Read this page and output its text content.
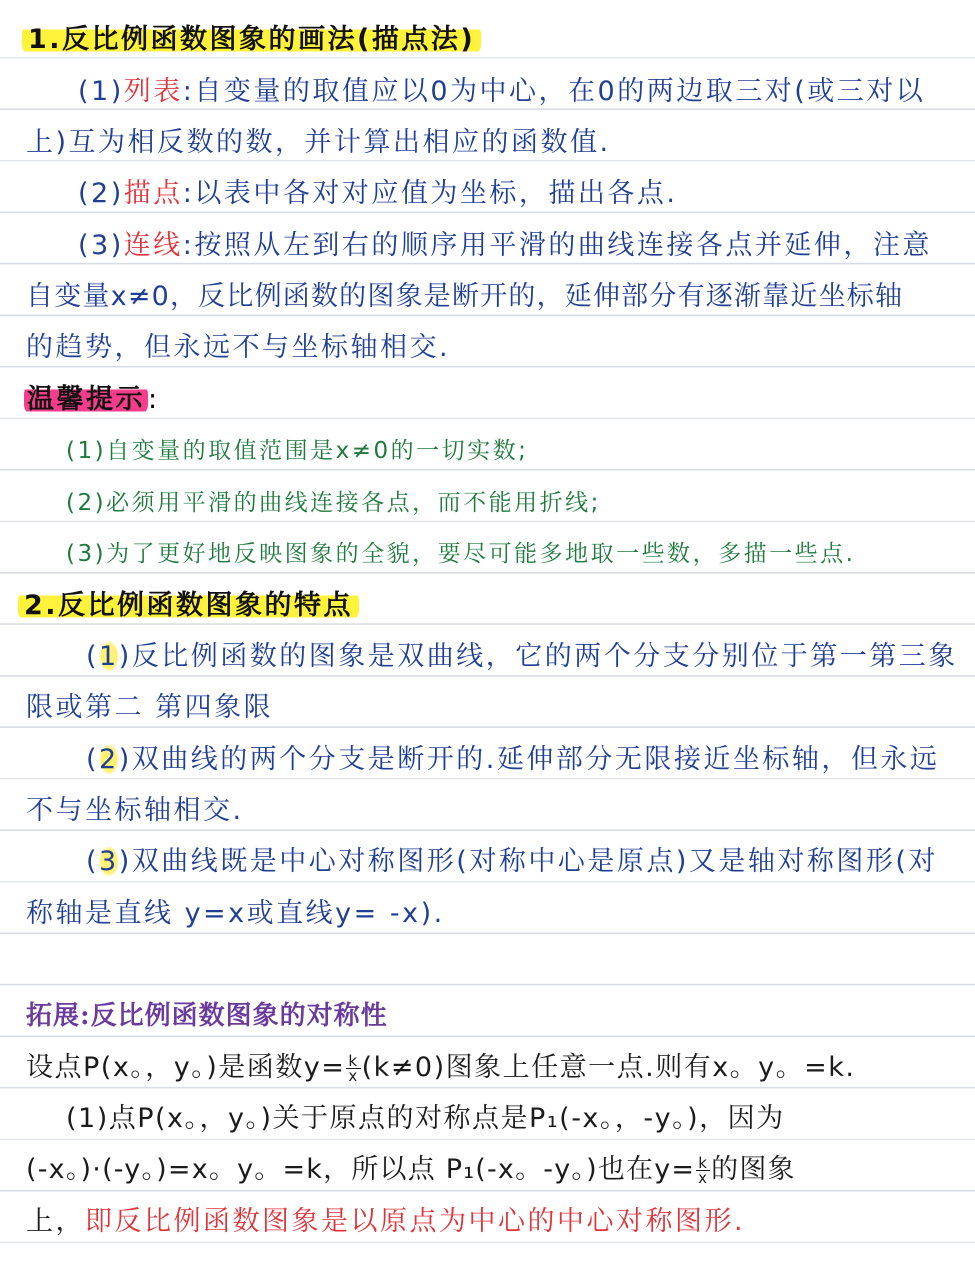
1.反比例函数图象的画法(描点法)
(1)列表:自变量的取值应以0为中心，在0的两边取三对(或三对以
上)互为相反数的数，并计算出相应的函数值.
(2)描点:以表中各对对应值为坐标，描出各点.
(3)连线:按照从左到右的顺序用平滑的曲线连接各点并延伸，注意
自变量x≠0，反比例函数的图象是断开的，延伸部分有逐渐靠近坐标轴
的趋势，但永远不与坐标轴相交.
温馨提示 :
(1)自变量的取值范围是x≠0的一切实数;
(2)必须用平滑的曲线连接各点，而不能用折线;
(3)为了更好地反映图象的全貌，要尽可能多地取一些数，多描一些点.
2.反比例函数图象的特点
(1)反比例函数的图象是双曲线，它的两个分支分别位于第一第三象
限或第二 第四象限
(2)双曲线的两个分支是断开的.延伸部分无限接近坐标轴，但永远
不与坐标轴相交.
(3)双曲线既是中心对称图形(对称中心是原点)又是轴对称图形(对
称轴是直线 y=x或直线y= -x).
拓展:反比例函数图象的对称性
设点P(x。，y。)是函数$y= \frac{k}{x} (k\ne 0)$图象上任意一点.则有x。y。=k.
(1)点P(x。，y。)关于原点的对称点是P₁(-x。，-y。)，因为
(-x。)·(-y。)=x。y。=k，所以点 P₁(-x。-y。)也在$y= \frac{k}{x}$ 的图象
上，即反比例函数图象是以原点为中心的中心对称图形.
